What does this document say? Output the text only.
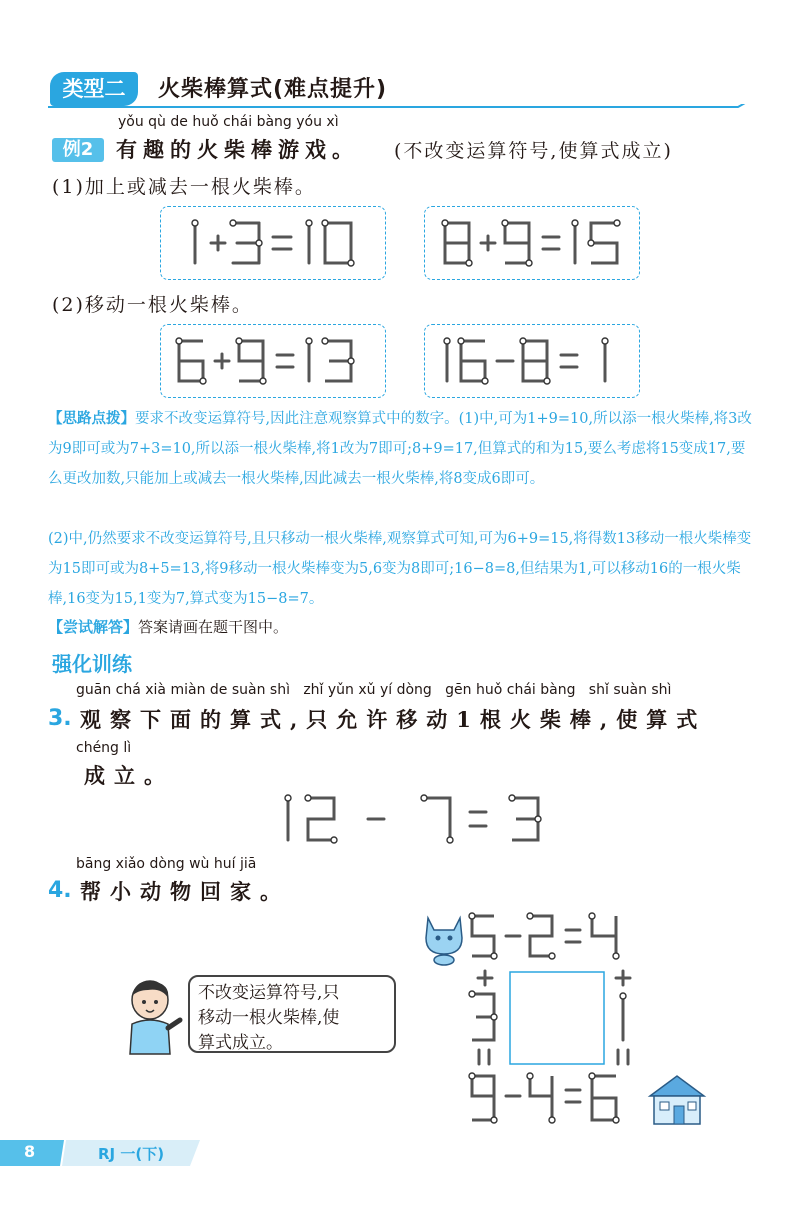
类型二	火柴棒算式(难点提升)
yǒu qù de huǒ chái bàng yóu xì
例2	有趣的火柴棒游戏。 (不改变运算符号,使算式成立)
(1)加上或减去一根火柴棒。
(2)移动一根火柴棒。
【思路点拨】要求不改变运算符号,因此注意观察算式中的数字。(1)中,可为1+9=10,所以添一根火柴棒,将3改为9即可或为7+3=10,所以添一根火柴棒,将1改为7即可;8+9=17,但算式的和为15,要么考虑将15变成17,要么更改加数,只能加上或减去一根火柴棒,因此减去一根火柴棒,将8变成6即可。
(2)中,仍然要求不改变运算符号,且只移动一根火柴棒,观察算式可知,可为6+9=15,将得数13移动一根火柴棒变为15即可或为8+5=13,将9移动一根火柴棒变为5,6变为8即可;16−8=8,但结果为1,可以移动16的一根火柴棒,16变为15,1变为7,算式变为15−8=7。
【尝试解答】答案请画在题干图中。
强化训练
guān chá xià miàn de suàn shì   zhǐ yǔn xǔ yí dòng   gēn huǒ chái bàng   shǐ suàn shì
3. 观察下面的算式,只允许移动1根火柴棒,使算式
chéng lì
成立。
bāng xiǎo dòng wù huí jiā
4. 帮小动物回家。
不改变运算符号,只
移动一根火柴棒,使
算式成立。
8	RJ 一(下)
